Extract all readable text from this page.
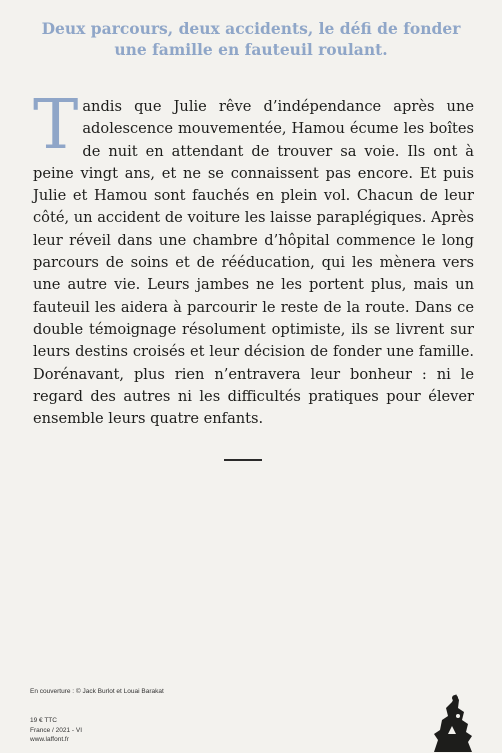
Deux parcours, deux accidents, le défi de fonder
une famille en fauteuil roulant.

Tandis que Julie rêve d’indépendance après une adolescence mouvementée, Hamou écume les boîtes de nuit en attendant de trouver sa voie. Ils ont à peine vingt ans, et ne se connaissent pas encore. Et puis Julie et Hamou sont fauchés en plein vol. Chacun de leur côté, un accident de voiture les laisse paraplégiques. Après leur réveil dans une chambre d’hôpital commence le long parcours de soins et de rééducation, qui les mènera vers une autre vie. Leurs jambes ne les portent plus, mais un fauteuil les aidera à parcourir le reste de la route. Dans ce double témoignage résolument optimiste, ils se livrent sur leurs destins croisés et leur décision de fonder une famille. Dorénavant, plus rien n’entravera leur bonheur : ni le regard des autres ni les difficultés pratiques pour élever ensemble leurs quatre enfants.

En couverture : © Jack Burlot et Louai Barakat

19 € TTC
France / 2021 - VI
www.laffont.fr
